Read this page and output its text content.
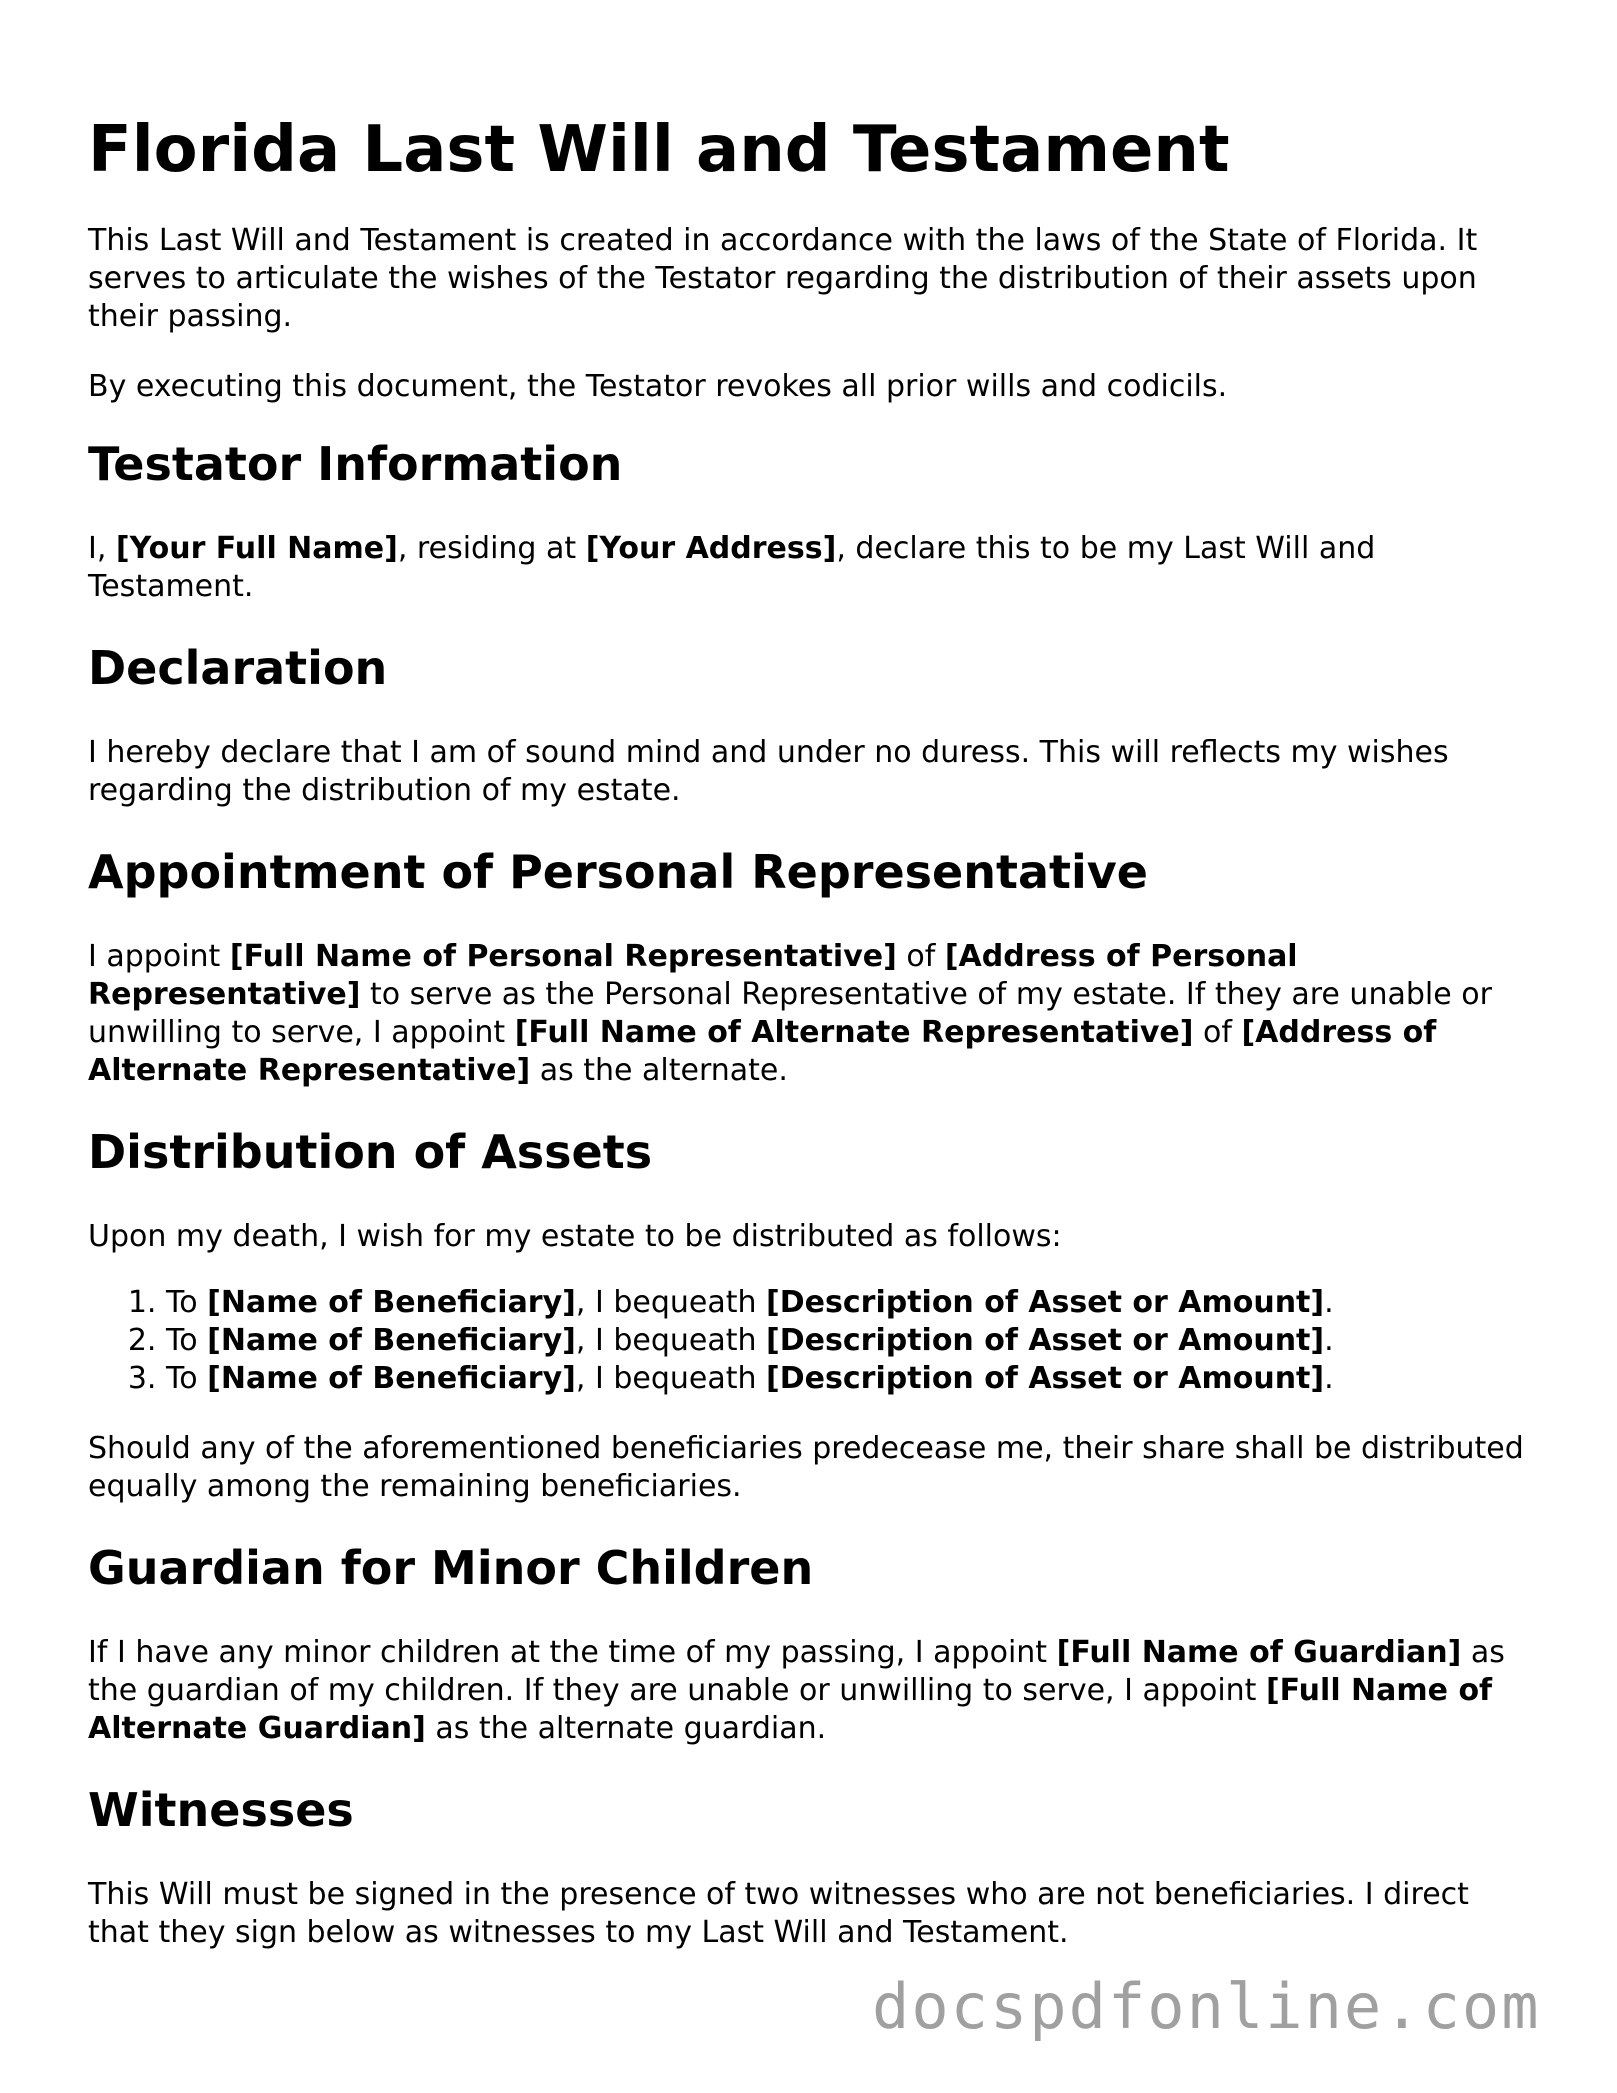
Florida Last Will and Testament

This Last Will and Testament is created in accordance with the laws of the State of Florida. It serves to articulate the wishes of the Testator regarding the distribution of their assets upon their passing.

By executing this document, the Testator revokes all prior wills and codicils.

Testator Information

I, [Your Full Name], residing at [Your Address], declare this to be my Last Will and Testament.

Declaration

I hereby declare that I am of sound mind and under no duress. This will reflects my wishes regarding the distribution of my estate.

Appointment of Personal Representative

I appoint [Full Name of Personal Representative] of [Address of Personal Representative] to serve as the Personal Representative of my estate. If they are unable or unwilling to serve, I appoint [Full Name of Alternate Representative] of [Address of Alternate Representative] as the alternate.

Distribution of Assets

Upon my death, I wish for my estate to be distributed as follows:

1. To [Name of Beneficiary], I bequeath [Description of Asset or Amount].
2. To [Name of Beneficiary], I bequeath [Description of Asset or Amount].
3. To [Name of Beneficiary], I bequeath [Description of Asset or Amount].

Should any of the aforementioned beneficiaries predecease me, their share shall be distributed equally among the remaining beneficiaries.

Guardian for Minor Children

If I have any minor children at the time of my passing, I appoint [Full Name of Guardian] as the guardian of my children. If they are unable or unwilling to serve, I appoint [Full Name of Alternate Guardian] as the alternate guardian.

Witnesses

This Will must be signed in the presence of two witnesses who are not beneficiaries. I direct that they sign below as witnesses to my Last Will and Testament.

docspdfonline.com
